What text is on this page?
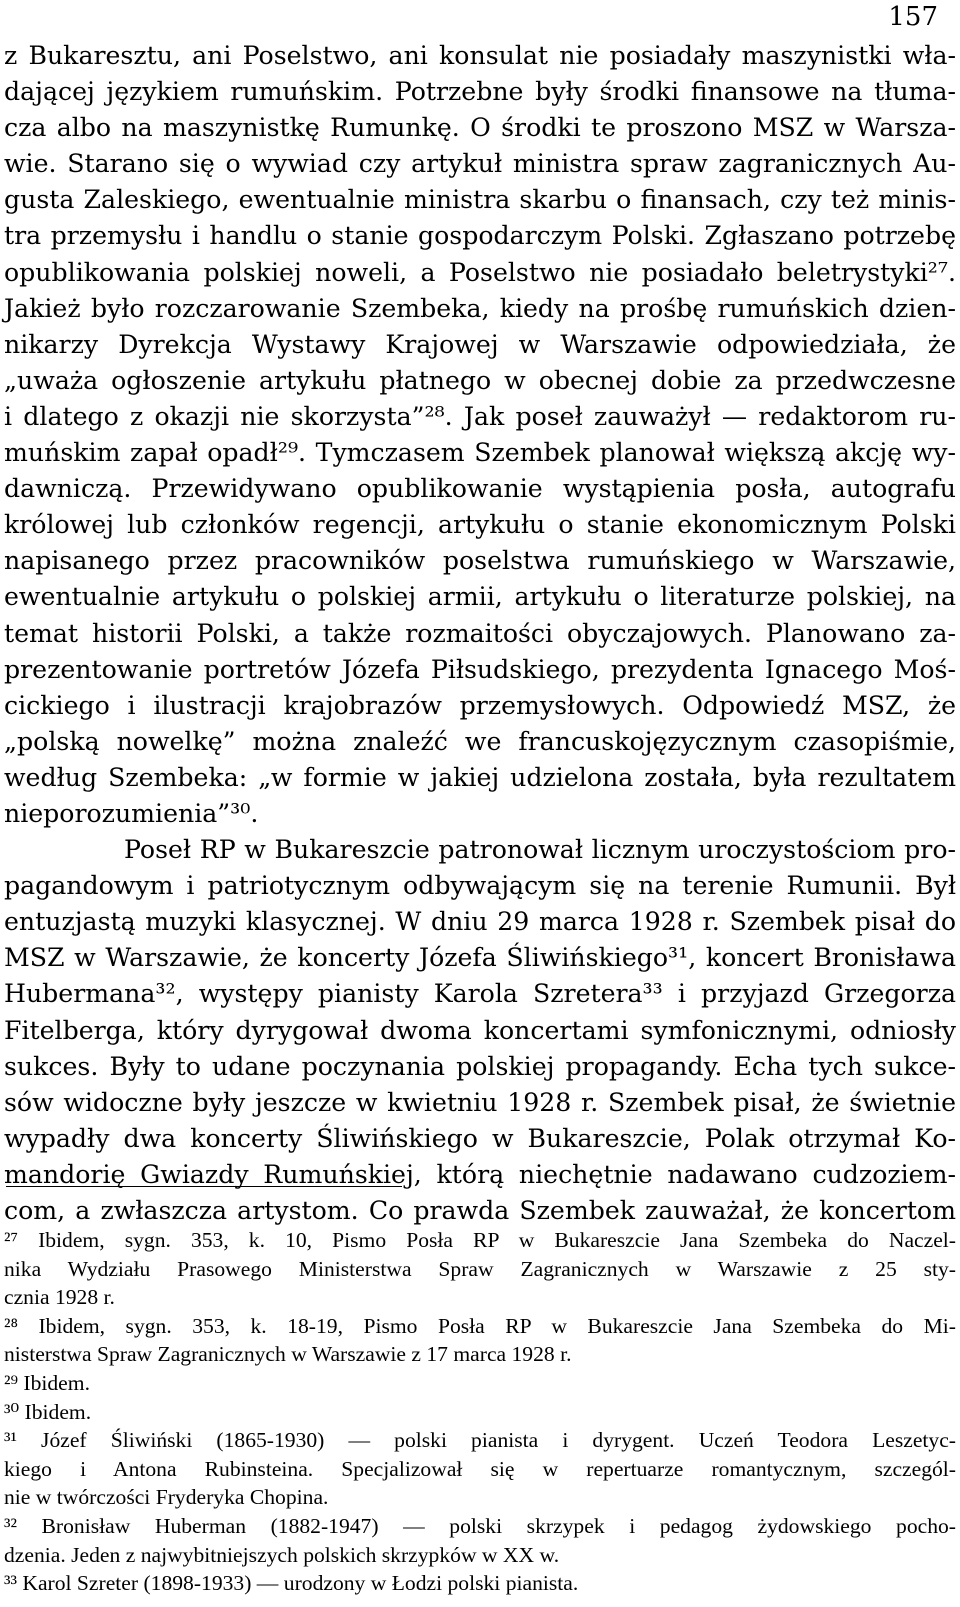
157
z Bukaresztu, ani Poselstwo, ani konsulat nie posiadały maszynistki wła-
dającej językiem rumuńskim. Potrzebne były środki finansowe na tłuma-
cza albo na maszynistkę Rumunkę. O środki te proszono MSZ w Warsza-
wie. Starano się o wywiad czy artykuł ministra spraw zagranicznych Au-
gusta Zaleskiego, ewentualnie ministra skarbu o finansach, czy też minis-
tra przemysłu i handlu o stanie gospodarczym Polski. Zgłaszano potrzebę
opublikowania polskiej noweli, a Poselstwo nie posiadało beletrystyki²⁷.
Jakież było rozczarowanie Szembeka, kiedy na prośbę rumuńskich dzien-
nikarzy Dyrekcja Wystawy Krajowej w Warszawie odpowiedziała, że
„uważa ogłoszenie artykułu płatnego w obecnej dobie za przedwczesne
i dlatego z okazji nie skorzysta”²⁸. Jak poseł zauważył — redaktorom ru-
muńskim zapał opadł²⁹. Tymczasem Szembek planował większą akcję wy-
dawniczą. Przewidywano opublikowanie wystąpienia posła, autografu
królowej lub członków regencji, artykułu o stanie ekonomicznym Polski
napisanego przez pracowników poselstwa rumuńskiego w Warszawie,
ewentualnie artykułu o polskiej armii, artykułu o literaturze polskiej, na
temat historii Polski, a także rozmaitości obyczajowych. Planowano za-
prezentowanie portretów Józefa Piłsudskiego, prezydenta Ignacego Moś-
cickiego i ilustracji krajobrazów przemysłowych. Odpowiedź MSZ, że
„polską nowelkę” można znaleźć we francuskojęzycznym czasopiśmie,
według Szembeka: „w formie w jakiej udzielona została, była rezultatem
nieporozumienia”³⁰.
Poseł RP w Bukareszcie patronował licznym uroczystościom pro-
pagandowym i patriotycznym odbywającym się na terenie Rumunii. Był
entuzjastą muzyki klasycznej. W dniu 29 marca 1928 r. Szembek pisał do
MSZ w Warszawie, że koncerty Józefa Śliwińskiego³¹, koncert Bronisława
Hubermana³², występy pianisty Karola Szretera³³ i przyjazd Grzegorza
Fitelberga, który dyrygował dwoma koncertami symfonicznymi, odniosły
sukces. Były to udane poczynania polskiej propagandy. Echa tych sukce-
sów widoczne były jeszcze w kwietniu 1928 r. Szembek pisał, że świetnie
wypadły dwa koncerty Śliwińskiego w Bukareszcie, Polak otrzymał Ko-
mandorię Gwiazdy Rumuńskiej, którą niechętnie nadawano cudzoziem-
com, a zwłaszcza artystom. Co prawda Szembek zauważał, że koncertom
²⁷ Ibidem, sygn. 353, k. 10, Pismo Posła RP w Bukareszcie Jana Szembeka do Naczel-
nika Wydziału Prasowego Ministerstwa Spraw Zagranicznych w Warszawie z 25 sty-
cznia 1928 r.
²⁸ Ibidem, sygn. 353, k. 18-19, Pismo Posła RP w Bukareszcie Jana Szembeka do Mi-
nisterstwa Spraw Zagranicznych w Warszawie z 17 marca 1928 r.
²⁹ Ibidem.
³⁰ Ibidem.
³¹ Józef Śliwiński (1865-1930) — polski pianista i dyrygent. Uczeń Teodora Leszetyc-
kiego i Antona Rubinsteina. Specjalizował się w repertuarze romantycznym, szczegól-
nie w twórczości Fryderyka Chopina.
³² Bronisław Huberman (1882-1947) — polski skrzypek i pedagog żydowskiego pocho-
dzenia. Jeden z najwybitniejszych polskich skrzypków w XX w.
³³ Karol Szreter (1898-1933) — urodzony w Łodzi polski pianista.
